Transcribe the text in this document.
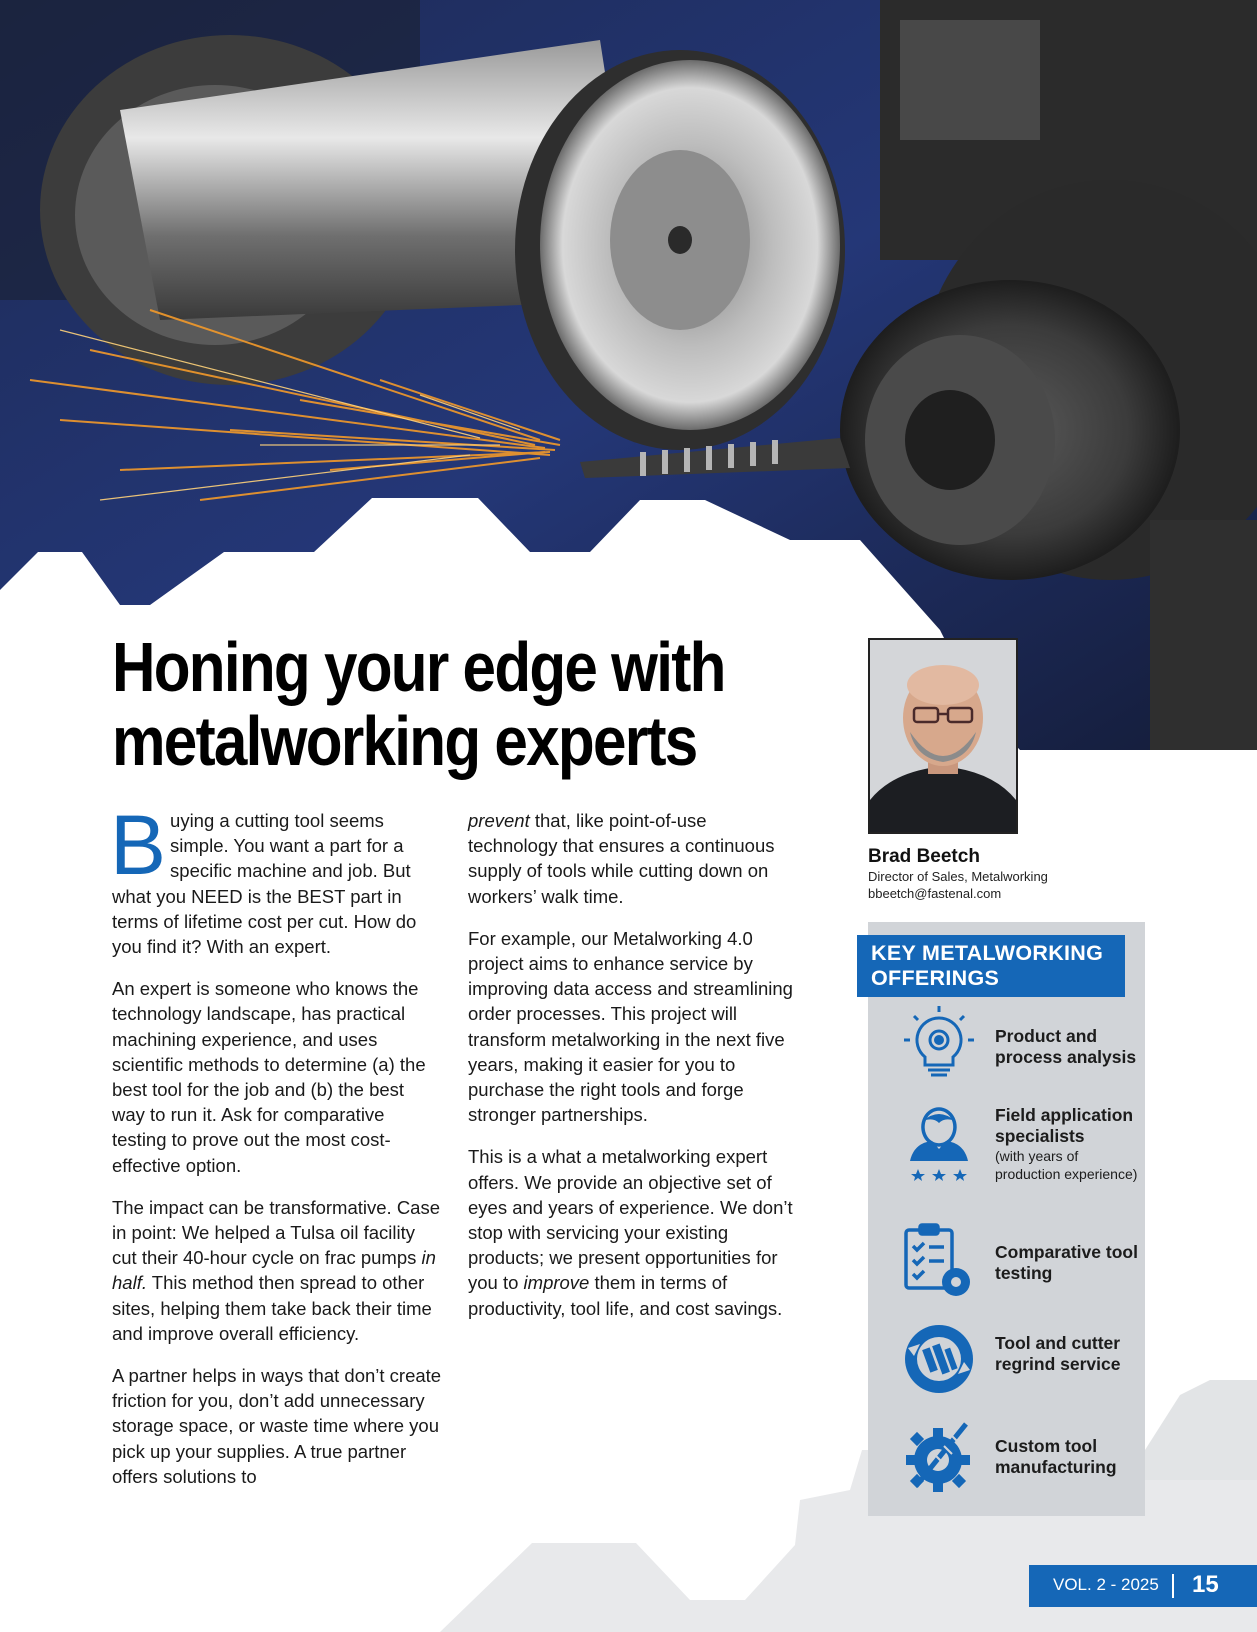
Honing your edge with
metalworking experts

Buying a cutting tool seems simple. You want a part for a specific machine and job. But what you NEED is the BEST part in terms of lifetime cost per cut. How do you find it? With an expert.

An expert is someone who knows the technology landscape, has practical machining experience, and uses scientific methods to determine (a) the best tool for the job and (b) the best way to run it. Ask for comparative testing to prove out the most cost-effective option.

The impact can be transformative. Case in point: We helped a Tulsa oil facility cut their 40-hour cycle on frac pumps in half. This method then spread to other sites, helping them take back their time and improve overall efficiency.

A partner helps in ways that don’t create friction for you, don’t add unnecessary storage space, or waste time where you pick up your supplies. A true partner offers solutions to

prevent that, like point-of-use technology that ensures a continuous supply of tools while cutting down on workers’ walk time.

For example, our Metalworking 4.0 project aims to enhance service by improving data access and streamlining order processes. This project will transform metalworking in the next five years, making it easier for you to purchase the right tools and forge stronger partnerships.

This is a what a metalworking expert offers. We provide an objective set of eyes and years of experience. We don’t stop with servicing your existing products; we present opportunities for you to improve them in terms of productivity, tool life, and cost savings.

Brad Beetch
Director of Sales, Metalworking
bbeetch@fastenal.com
KEY METALWORKING
OFFERINGS
Product and process analysis
Field application specialists
(with years of production experience)
Comparative tool testing
Tool and cutter regrind service
Custom tool manufacturing
VOL. 2 - 2025 15
